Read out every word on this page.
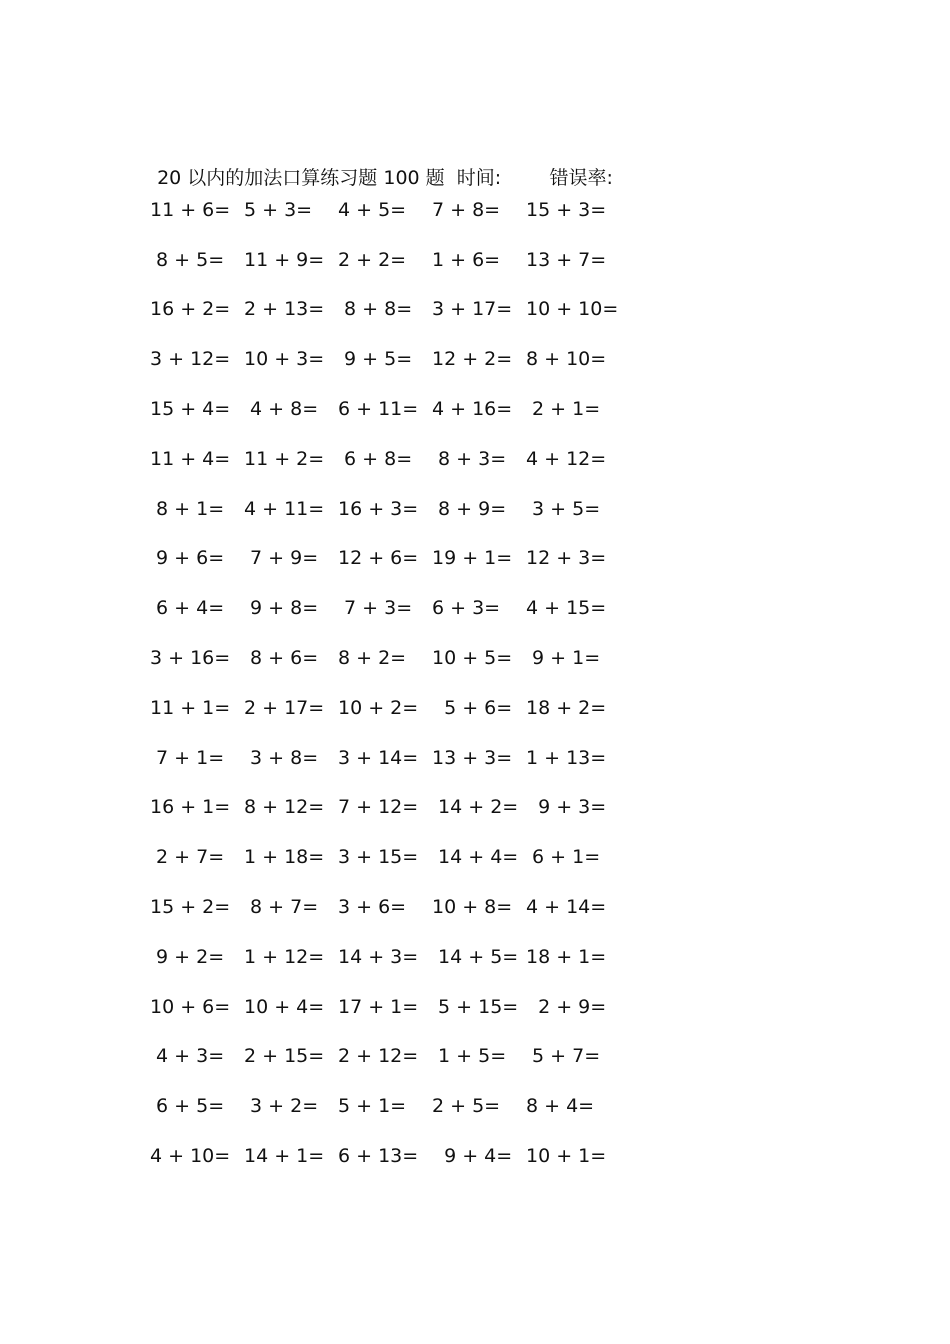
20 以内的加法口算练习题 100 题 时间:	错误率:

11 + 6= 5 + 3=	4 + 5=	7 + 8=	15 + 3=
8 + 5=	11 + 9= 2 + 2=	1 + 6=	13 + 7=
16 + 2= 2 + 13= 8 + 8=	3 + 17= 10 + 10=
3 + 12= 10 + 3= 9 + 5=	12 + 2= 8 + 10=
15 + 4= 4 + 8=	6 + 11= 4 + 16= 2 + 1=
11 + 4= 11 + 2= 6 + 8=	8 + 3=	4 + 12=
8 + 1=	4 + 11= 16 + 3= 8 + 9=	3 + 5=
9 + 6=	7 + 9=	12 + 6= 19 + 1= 12 + 3=
6 + 4=	9 + 8=	7 + 3=	6 + 3=	4 + 15=
3 + 16= 8 + 6=	8 + 2=	10 + 5= 9 + 1=
11 + 1= 2 + 17= 10 + 2= 5 + 6= 18 + 2=
7 + 1=	3 + 8=	3 + 14= 13 + 3= 1 + 13=
16 + 1= 8 + 12= 7 + 12= 14 + 2= 9 + 3=
2 + 7=	1 + 18= 3 + 15= 14 + 4= 6 + 1=
15 + 2= 8 + 7=	3 + 6=	10 + 8= 4 + 14=
9 + 2=	1 + 12= 14 + 3= 14 + 5= 18 + 1=
10 + 6= 10 + 4= 17 + 1= 5 + 15= 2 + 9=
4 + 3=	2 + 15= 2 + 12= 1 + 5=	5 + 7=
6 + 5=	3 + 2=	5 + 1=	2 + 5=	8 + 4=
4 + 10= 14 + 1= 6 + 13= 9 + 4= 10 + 1=
